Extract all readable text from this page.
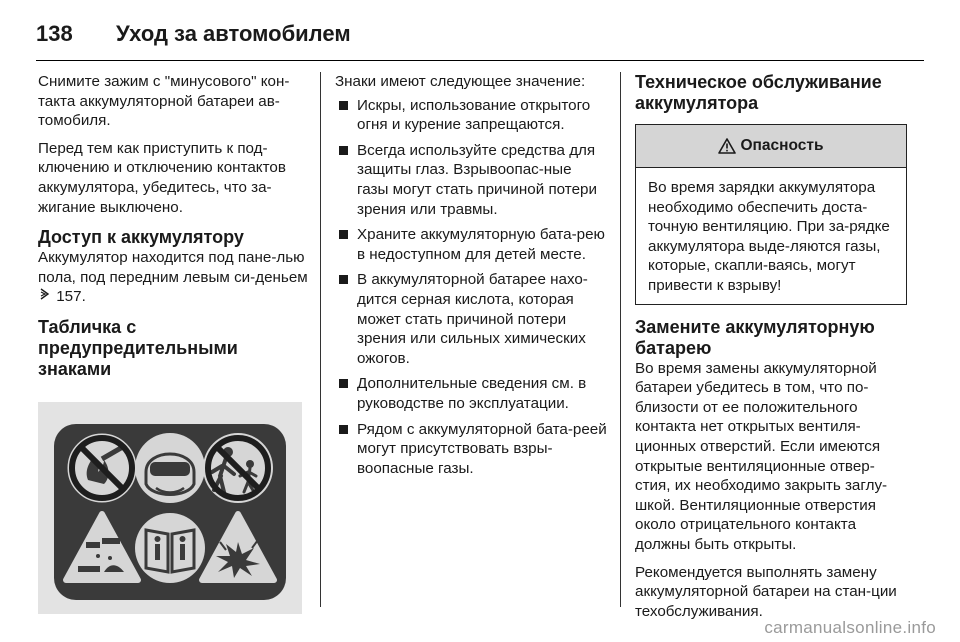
138	Уход за автомобилем

Снимите зажим с "минусового" кон-такта аккумуляторной батареи ав-томобиля.

Перед тем как приступить к под-ключению и отключению контактов аккумулятора, убедитесь, что за-жигание выключено.

Доступ к аккумулятору

Аккумулятор находится под пане-лью пола, под передним левым си-деньем  157.

Табличка с предупредительными знаками

Знаки имеют следующее значение:

Искры, использование открытого огня и курение запрещаются.
Всегда используйте средства для защиты глаз. Взрывоопас-ные газы могут стать причиной потери зрения или травмы.
Храните аккумуляторную бата-рею в недоступном для детей месте.
В аккумуляторной батарее нахо-дится серная кислота, которая может стать причиной потери зрения или сильных химических ожогов.
Дополнительные сведения см. в руководстве по эксплуатации.
Рядом с аккумуляторной бата-реей могут присутствовать взры-воопасные газы.
Техническое обслуживание аккумулятора
Опасность
Во время зарядки аккумулятора необходимо обеспечить доста-точную вентиляцию. При за-рядке аккумулятора выде-ляются газы, которые, скапли-ваясь, могут привести к взрыву!
Замените аккумуляторную батарею

Во время замены аккумуляторной батареи убедитесь в том, что по-близости от ее положительного контакта нет открытых вентиля-ционных отверстий. Если имеются открытые вентиляционные отвер-стия, их необходимо закрыть заглу-шкой. Вентиляционные отверстия около отрицательного контакта должны быть открыты.

Рекомендуется выполнять замену аккумуляторной батареи на стан-ции техобслуживания.

carmanualsonline.info
